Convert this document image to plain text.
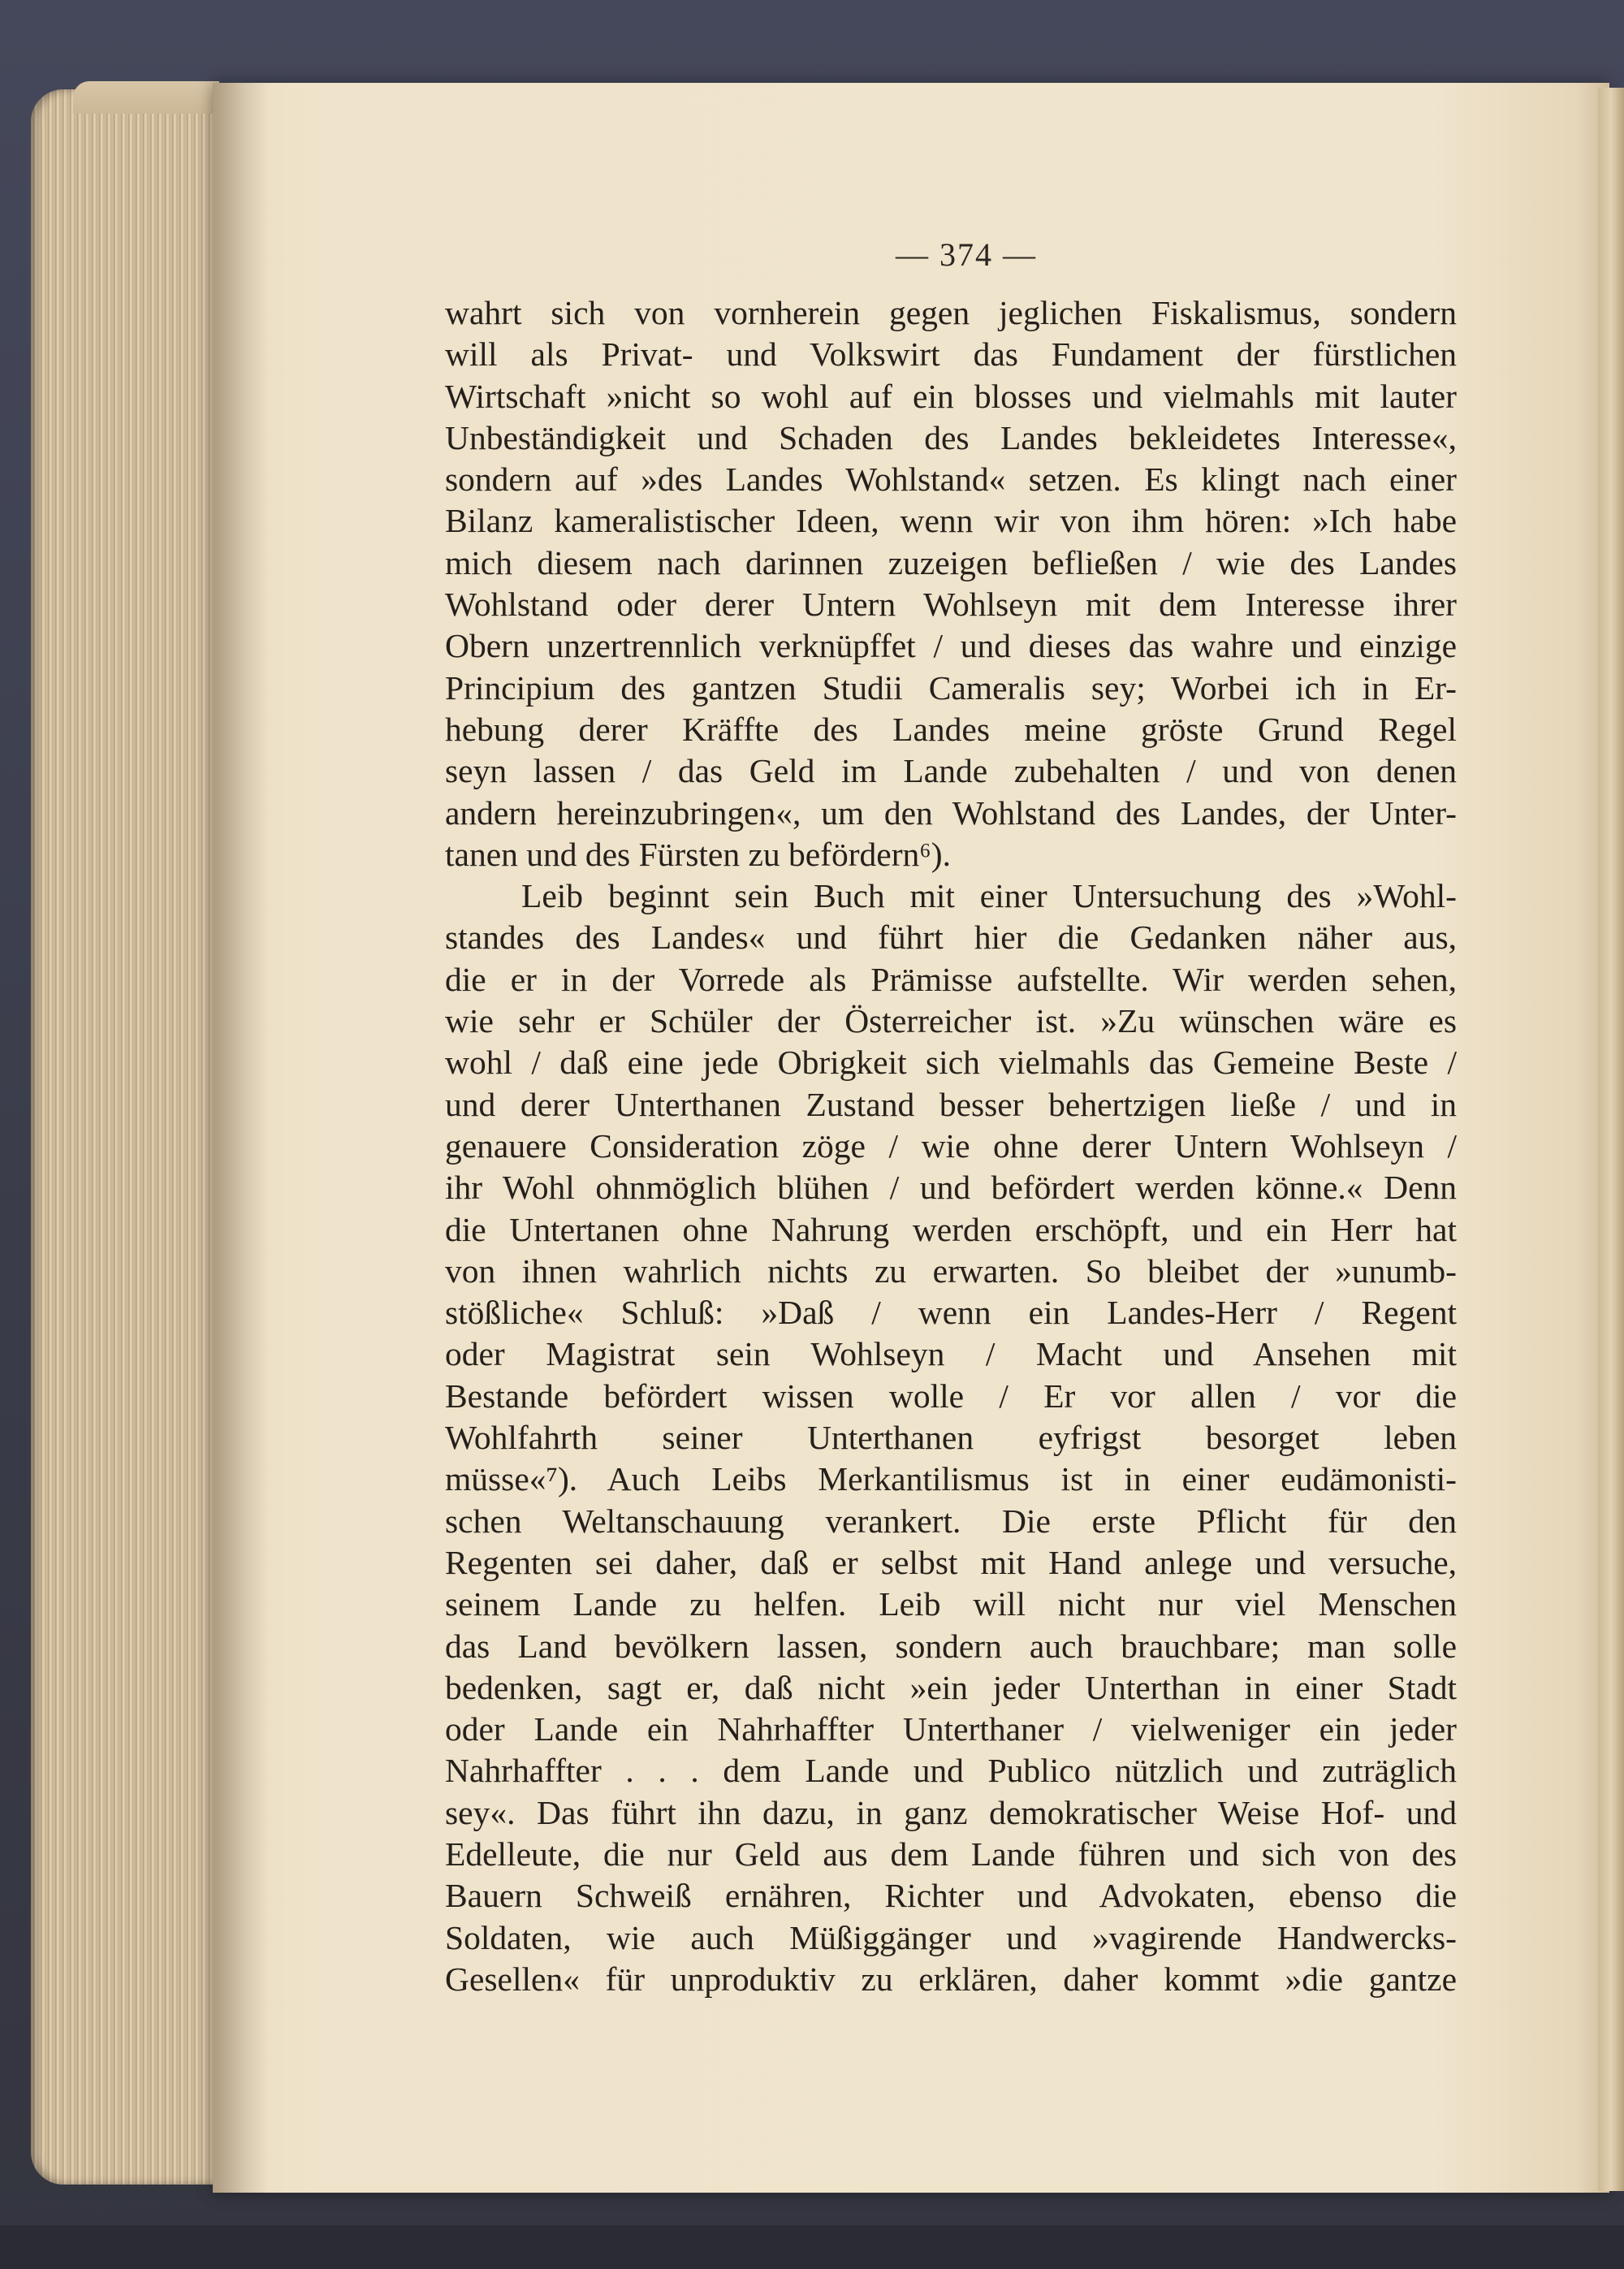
— 374 —
wahrt sich von vornherein gegen jeglichen Fiskalismus, sondern
will als Privat- und Volkswirt das Fundament der fürstlichen
Wirtschaft »nicht so wohl auf ein blosses und vielmahls mit lauter
Unbeständigkeit und Schaden des Landes bekleidetes Interesse«,
sondern auf »des Landes Wohlstand« setzen. Es klingt nach einer
Bilanz kameralistischer Ideen, wenn wir von ihm hören: »Ich habe
mich diesem nach darinnen zuzeigen befließen / wie des Landes
Wohlstand oder derer Untern Wohlseyn mit dem Interesse ihrer
Obern unzertrennlich verknüpffet / und dieses das wahre und einzige
Principium des gantzen Studii Cameralis sey; Worbei ich in Er-
hebung derer Kräffte des Landes meine gröste Grund Regel
seyn lassen / das Geld im Lande zubehalten / und von denen
andern hereinzubringen«, um den Wohlstand des Landes, der Unter-
tanen und des Fürsten zu befördern⁶).
Leib beginnt sein Buch mit einer Untersuchung des »Wohl-
standes des Landes« und führt hier die Gedanken näher aus,
die er in der Vorrede als Prämisse aufstellte. Wir werden sehen,
wie sehr er Schüler der Österreicher ist. »Zu wünschen wäre es
wohl / daß eine jede Obrigkeit sich vielmahls das Gemeine Beste /
und derer Unterthanen Zustand besser behertzigen ließe / und in
genauere Consideration zöge / wie ohne derer Untern Wohlseyn /
ihr Wohl ohnmöglich blühen / und befördert werden könne.« Denn
die Untertanen ohne Nahrung werden erschöpft, und ein Herr hat
von ihnen wahrlich nichts zu erwarten. So bleibet der »unumb-
stößliche« Schluß: »Daß / wenn ein Landes-Herr / Regent
oder Magistrat sein Wohlseyn / Macht und Ansehen mit
Bestande befördert wissen wolle / Er vor allen / vor die
Wohlfahrth seiner Unterthanen eyfrigst besorget leben
müsse«⁷). Auch Leibs Merkantilismus ist in einer eudämonisti-
schen Weltanschauung verankert. Die erste Pflicht für den
Regenten sei daher, daß er selbst mit Hand anlege und versuche,
seinem Lande zu helfen. Leib will nicht nur viel Menschen
das Land bevölkern lassen, sondern auch brauchbare; man solle
bedenken, sagt er, daß nicht »ein jeder Unterthan in einer Stadt
oder Lande ein Nahrhaffter Unterthaner / vielweniger ein jeder
Nahrhaffter . . . dem Lande und Publico nützlich und zuträglich
sey«. Das führt ihn dazu, in ganz demokratischer Weise Hof- und
Edelleute, die nur Geld aus dem Lande führen und sich von des
Bauern Schweiß ernähren, Richter und Advokaten, ebenso die
Soldaten, wie auch Müßiggänger und »vagirende Handwercks-
Gesellen« für unproduktiv zu erklären, daher kommt »die gantze
